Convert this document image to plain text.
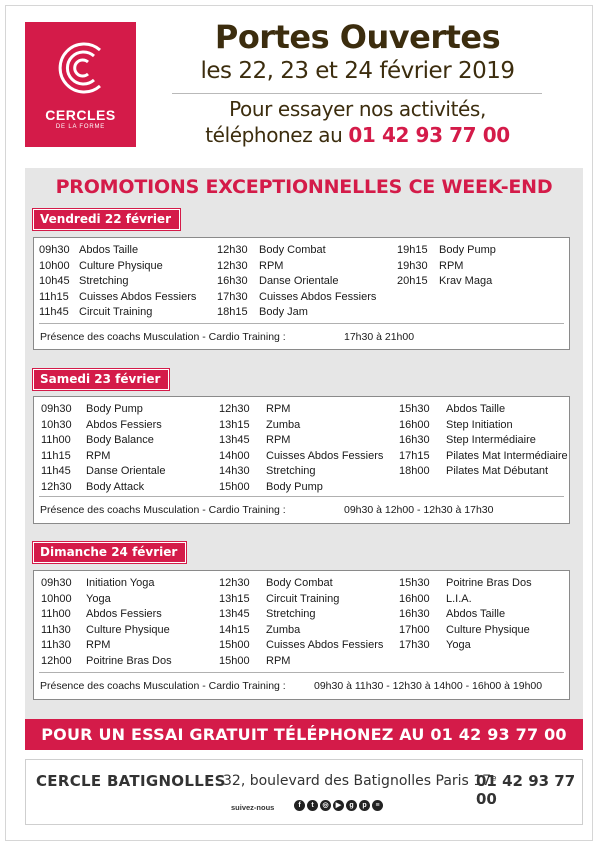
CERCLES
DE LA FORME
Portes Ouvertes
les 22, 23 et 24 février 2019
Pour essayer nos activités,
téléphonez au 01 42 93 77 00
PROMOTIONS EXCEPTIONNELLES CE WEEK-END
Vendredi 22 février
09h30 Abdos Taille	12h30 Body Combat	19h15 Body Pump
10h00 Culture Physique	12h30 RPM	19h30 RPM
10h45 Stretching	16h30 Danse Orientale	20h15 Krav Maga
11h15 Cuisses Abdos Fessiers 17h30 Cuisses Abdos Fessiers
11h45 Circuit Training	18h15 Body Jam
Présence des coachs Musculation - Cardio Training :	17h30 à 21h00
Samedi 23 février
09h30 Body Pump	12h30 RPM	15h30 Abdos Taille
10h30 Abdos Fessiers	13h15 Zumba	16h00 Step Initiation
11h00 Body Balance	13h45 RPM	16h30 Step Intermédiaire
11h15 RPM	14h00 Cuisses Abdos Fessiers 17h15 Pilates Mat Intermédiaire
11h45 Danse Orientale	14h30 Stretching	18h00 Pilates Mat Débutant
12h30 Body Attack	15h00 Body Pump
Présence des coachs Musculation - Cardio Training :	09h30 à 12h00 - 12h30 à 17h30
Dimanche 24 février
09h30 Initiation Yoga	12h30 Body Combat	15h30 Poitrine Bras Dos
10h00 Yoga	13h15 Circuit Training	16h00 L.I.A.
11h00 Abdos Fessiers	13h45 Stretching	16h30 Abdos Taille
11h30 Culture Physique	14h15 Zumba	17h00 Culture Physique
11h30 RPM	15h00 Cuisses Abdos Fessiers 17h30 Yoga
12h00 Poitrine Bras Dos	15h00 RPM
Présence des coachs Musculation - Cardio Training :	09h30 à 11h30 - 12h30 à 14h00 - 16h00 à 19h00
POUR UN ESSAI GRATUIT TÉLÉPHONEZ AU 01 42 93 77 00
CERCLE BATIGNOLLES
32, boulevard des Batignolles Paris 17ᵉ
01 42 93 77 00
suivez-nous	f	t	◎	▶	g	p	≡
